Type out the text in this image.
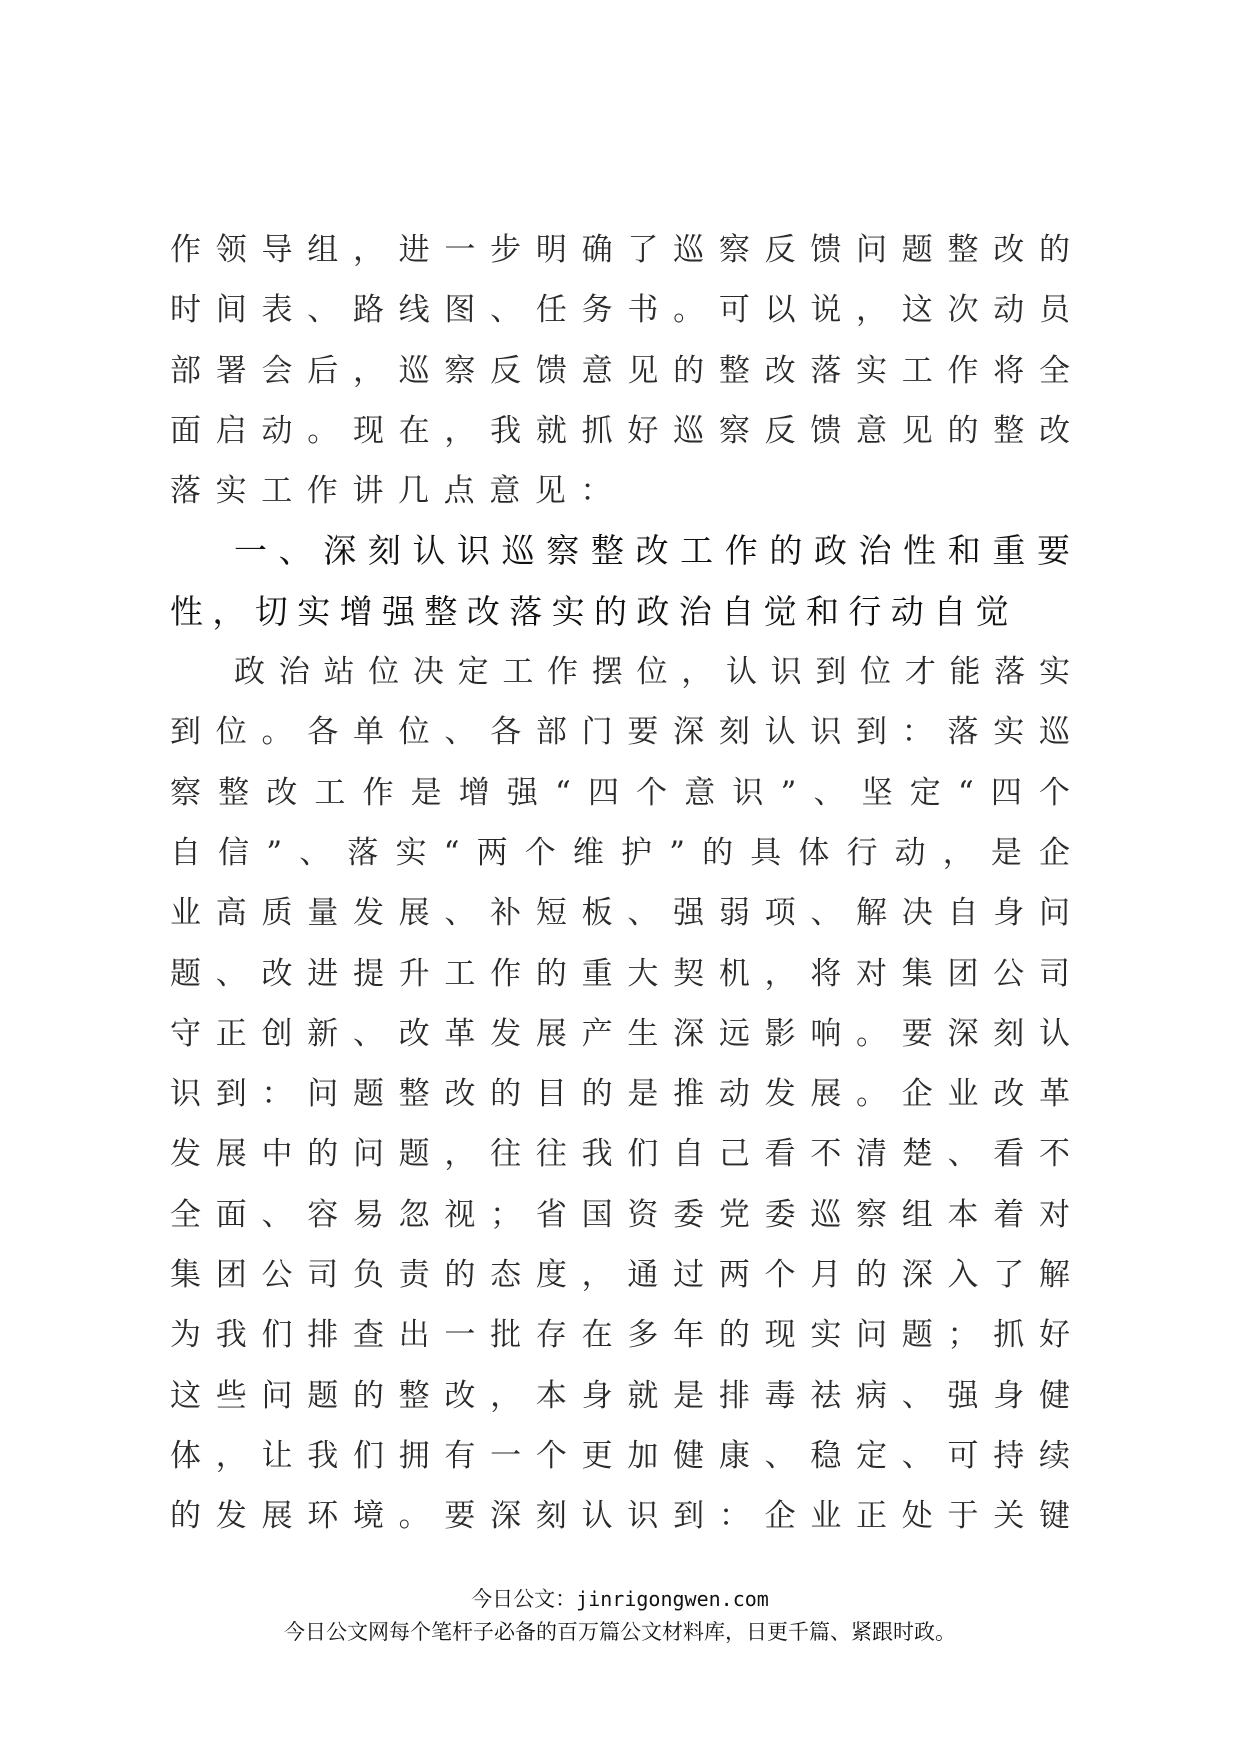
作领导组，进一步明确了巡察反馈问题整改的
时间表、路线图、任务书。可以说，这次动员
部署会后，巡察反馈意见的整改落实工作将全
面启动。现在，我就抓好巡察反馈意见的整改
落实工作讲几点意见：
一、深刻认识巡察整改工作的政治性和重要
性，切实增强整改落实的政治自觉和行动自觉
政治站位决定工作摆位，认识到位才能落实
到位。各单位、各部门要深刻认识到：落实巡
察整改工作是增强“四个意识”、坚定“四个
自信”、落实“两个维护”的具体行动，是企
业高质量发展、补短板、强弱项、解决自身问
题、改进提升工作的重大契机，将对集团公司
守正创新、改革发展产生深远影响。要深刻认
识到：问题整改的目的是推动发展。企业改革
发展中的问题，往往我们自己看不清楚、看不
全面、容易忽视；省国资委党委巡察组本着对
集团公司负责的态度，通过两个月的深入了解
为我们排查出一批存在多年的现实问题；抓好
这些问题的整改，本身就是排毒祛病、强身健
体，让我们拥有一个更加健康、稳定、可持续
的发展环境。要深刻认识到：企业正处于关键
今日公文：jinrigongwen.com
今日公文网每个笔杆子必备的百万篇公文材料库，日更千篇、紧跟时政。
